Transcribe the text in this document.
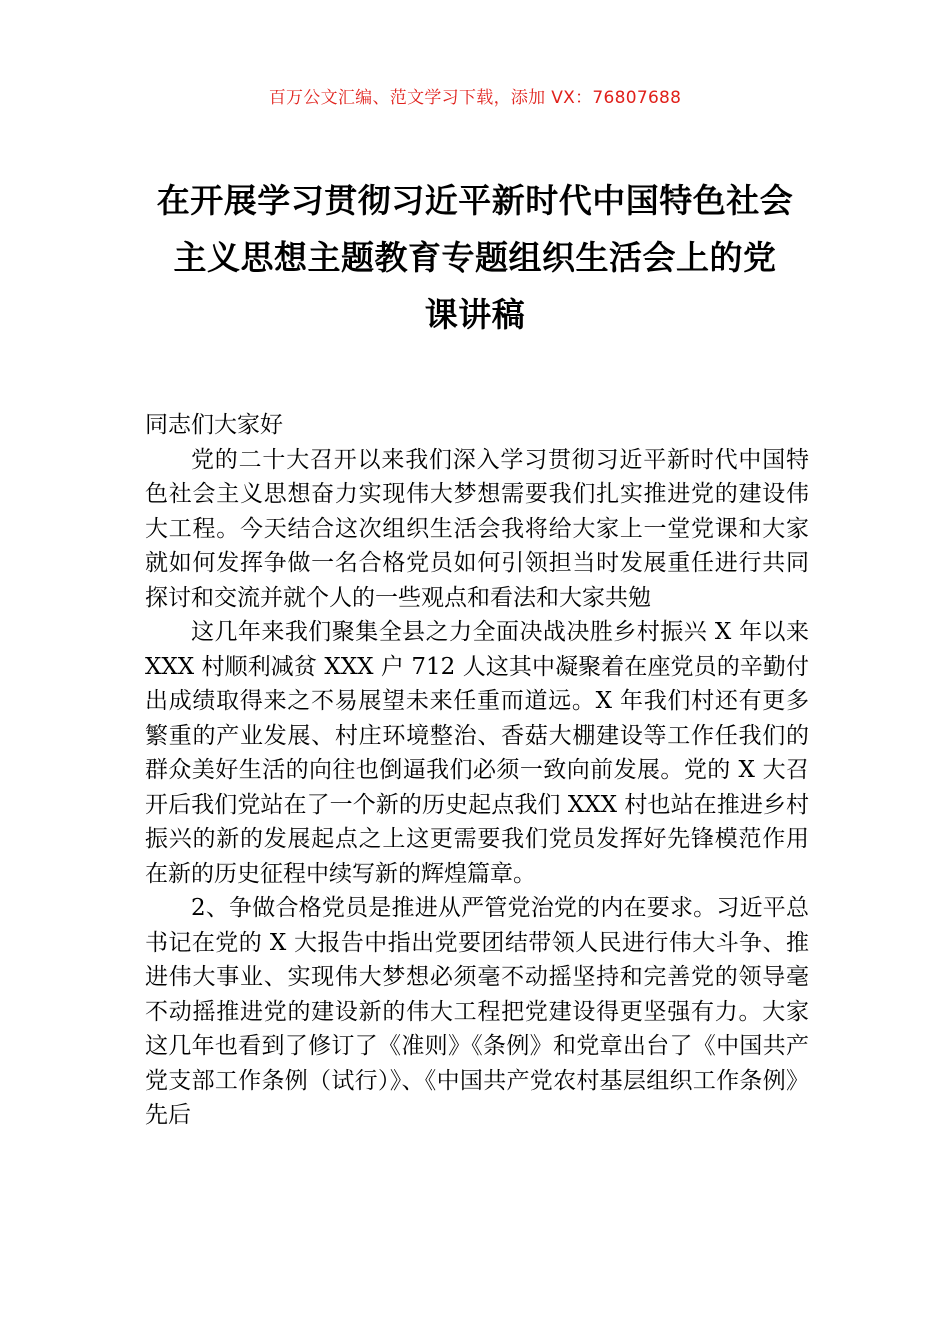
百万公文汇编、范文学习下载，添加 VX：76807688
在开展学习贯彻习近平新时代中国特色社会
主义思想主题教育专题组织生活会上的党
课讲稿

同志们大家好

党的二十大召开以来我们深入学习贯彻习近平新时代中国特色社会主义思想奋力实现伟大梦想需要我们扎实推进党的建设伟大工程。今天结合这次组织生活会我将给大家上一堂党课和大家就如何发挥争做一名合格党员如何引领担当时发展重任进行共同探讨和交流并就个人的一些观点和看法和大家共勉

这几年来我们聚集全县之力全面决战决胜乡村振兴 X 年以来 XXX 村顺利减贫 XXX 户 712 人这其中凝聚着在座党员的辛勤付出成绩取得来之不易展望未来任重而道远。X 年我们村还有更多繁重的产业发展、村庄环境整治、香菇大棚建设等工作任我们的群众美好生活的向往也倒逼我们必须一致向前发展。党的 X 大召开后我们党站在了一个新的历史起点我们 XXX 村也站在推进乡村振兴的新的发展起点之上这更需要我们党员发挥好先锋模范作用在新的历史征程中续写新的辉煌篇章。

2、争做合格党员是推进从严管党治党的内在要求。习近平总书记在党的 X 大报告中指出党要团结带领人民进行伟大斗争、推进伟大事业、实现伟大梦想必须毫不动摇坚持和完善党的领导毫不动摇推进党的建设新的伟大工程把党建设得更坚强有力。大家这几年也看到了修订了《准则》《条例》和党章出台了《中国共产党支部工作条例（试行）》、《中国共产党农村基层组织工作条例》先后
